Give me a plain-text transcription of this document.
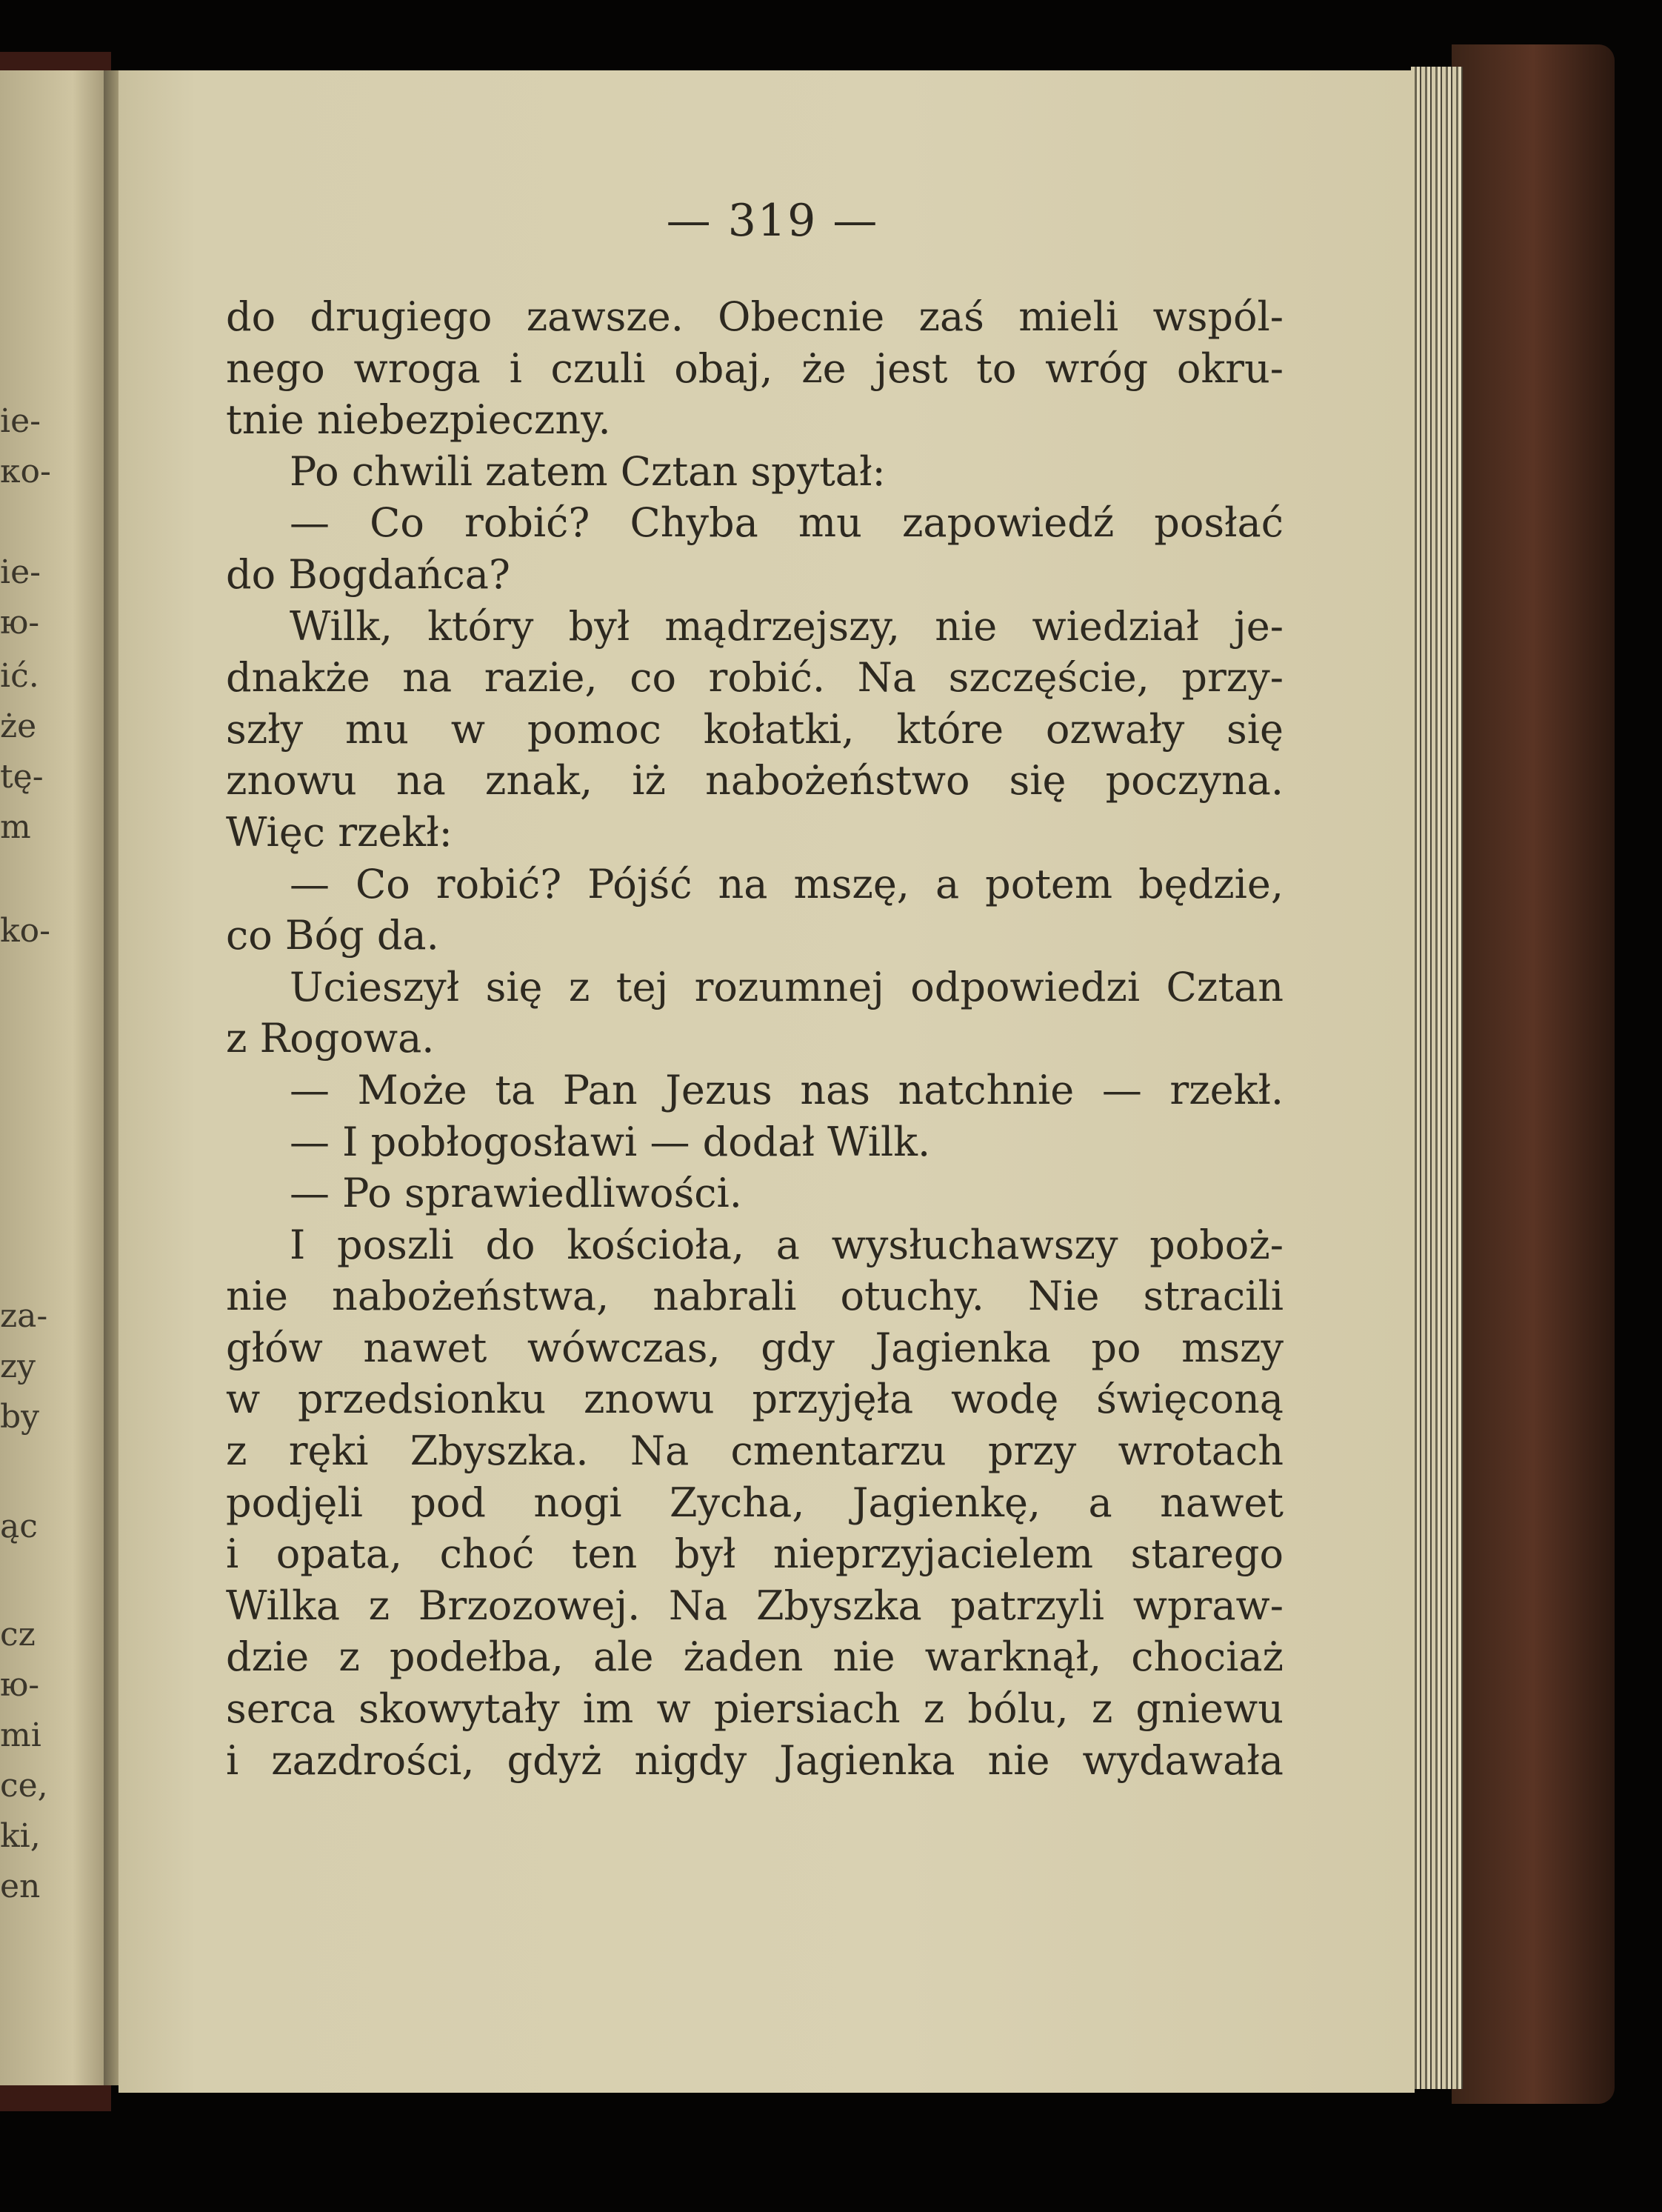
ie-
ко-
ie-
ю-
ić.
że
tę-
m
ko-
za-
zy
by
ąc
cz
ю-
mi
ce,
ki,
en
— 319 —
do drugiego zawsze. Obecnie zaś mieli wspól-
nego wroga i czuli obaj, że jest to wróg okru-
tnie niebezpieczny.
Po chwili zatem Cztan spytał:
— Co robić? Chyba mu zapowiedź posłać
do Bogdańca?
Wilk, który był mądrzejszy, nie wiedział je-
dnakże na razie, co robić. Na szczęście, przy-
szły mu w pomoc kołatki, które ozwały się
znowu na znak, iż nabożeństwo się poczyna.
Więc rzekł:
— Co robić? Pójść na mszę, a potem będzie,
co Bóg da.
Ucieszył się z tej rozumnej odpowiedzi Cztan
z Rogowa.
— Może ta Pan Jezus nas natchnie — rzekł.
— I pobłogosławi — dodał Wilk.
— Po sprawiedliwości.
I poszli do kościoła, a wysłuchawszy poboż-
nie nabożeństwa, nabrali otuchy. Nie stracili
głów nawet wówczas, gdy Jagienka po mszy
w przedsionku znowu przyjęła wodę święconą
z ręki Zbyszka. Na cmentarzu przy wrotach
podjęli pod nogi Zycha, Jagienkę, a nawet
i opata, choć ten był nieprzyjacielem starego
Wilka z Brzozowej. Na Zbyszka patrzyli wpraw-
dzie z podełba, ale żaden nie warknął, chociaż
serca skowytały im w piersiach z bólu, z gniewu
i zazdrości, gdyż nigdy Jagienka nie wydawała
